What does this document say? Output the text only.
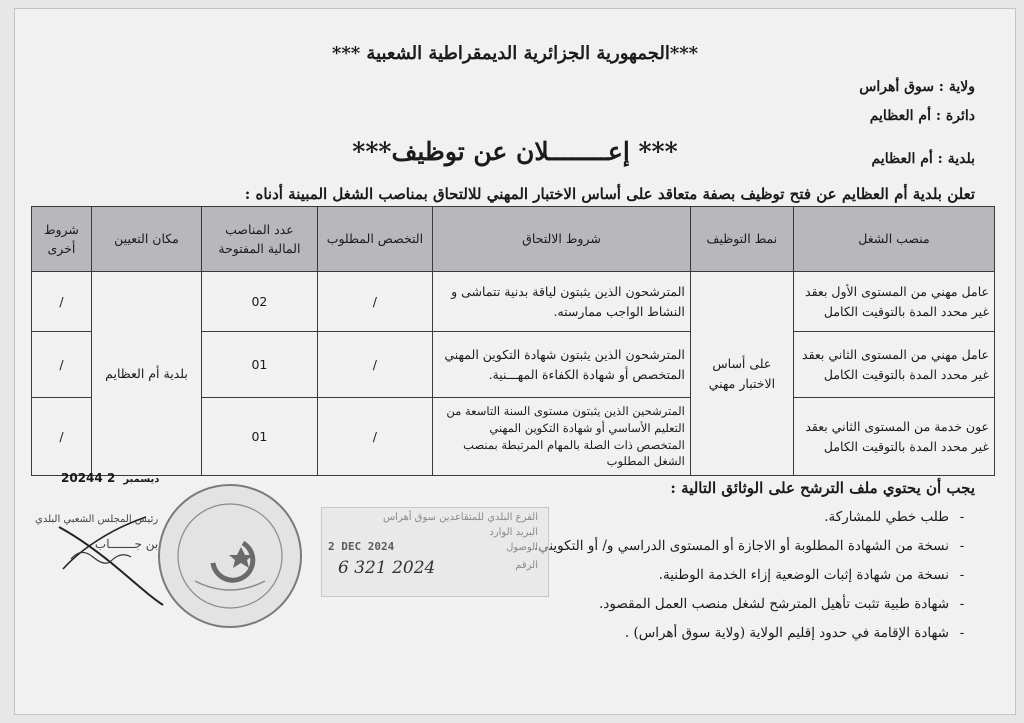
***الجمهورية الجزائرية الديمقراطية الشعبية ***
ولاية : سوق أهراس
دائرة : أم العظايم
بلدية : أم العظايم
*** إعــــــــلان عن توظيف***
تعلن بلدية أم العظايم عن فتح توظيف بصفة متعاقد على أساس الاختبار المهني للالتحاق بمناصب الشغل المبينة أدناه :
منصب الشغل	نمط التوظيف	شروط الالتحاق	التخصص المطلوب	عدد المناصب المالية المفتوحة	مكان التعيين	شروط أخرى
عامل مهني من المستوى الأول بعقد غير محدد المدة بالتوقيت الكامل	على أساس الاختبار مهني	المترشحون الذين يثبتون لياقة بدنية تتماشى و النشاط الواجب ممارسته.	/	02	بلدية أم العظايم	/
عامل مهني من المستوى الثاني بعقد غير محدد المدة بالتوقيت الكامل		المترشحون الذين يثبتون شهادة التكوين المهني المتخصص أو شهادة الكفاءة المهـــنية.	/	01		/
عون خدمة من المستوى الثاني بعقد غير محدد المدة بالتوقيت الكامل		المترشحين الذين يثبتون مستوى السنة التاسعة من التعليم الأساسي أو شهادة التكوين المهني المتخصص ذات الصلة بالمهام المرتبطة بمنصب الشغل المطلوب	/	01		/
يجب أن يحتوي ملف الترشح على الوثائق التالية :
-طلب خطي للمشاركة.
-نسخة من الشهادة المطلوبة أو الاجازة أو المستوى الدراسي و/ أو التكويني.
-نسخة من شهادة إثبات الوضعية إزاء الخدمة الوطنية.
-شهادة طبية تثبت تأهيل المترشح لشغل منصب العمل المقصود.
-شهادة الإقامة في حدود إقليم الولاية (ولاية سوق أهراس) .
2024	ديسمبر2 4
رئيس المجلس الشعبي البلدي
بن جـــــــاب
الفرع البلدي للمتقاعدين سوق أهراس
البريد الوارد
الوصول
الرقم
2 DEC 2024
6 321 2024
